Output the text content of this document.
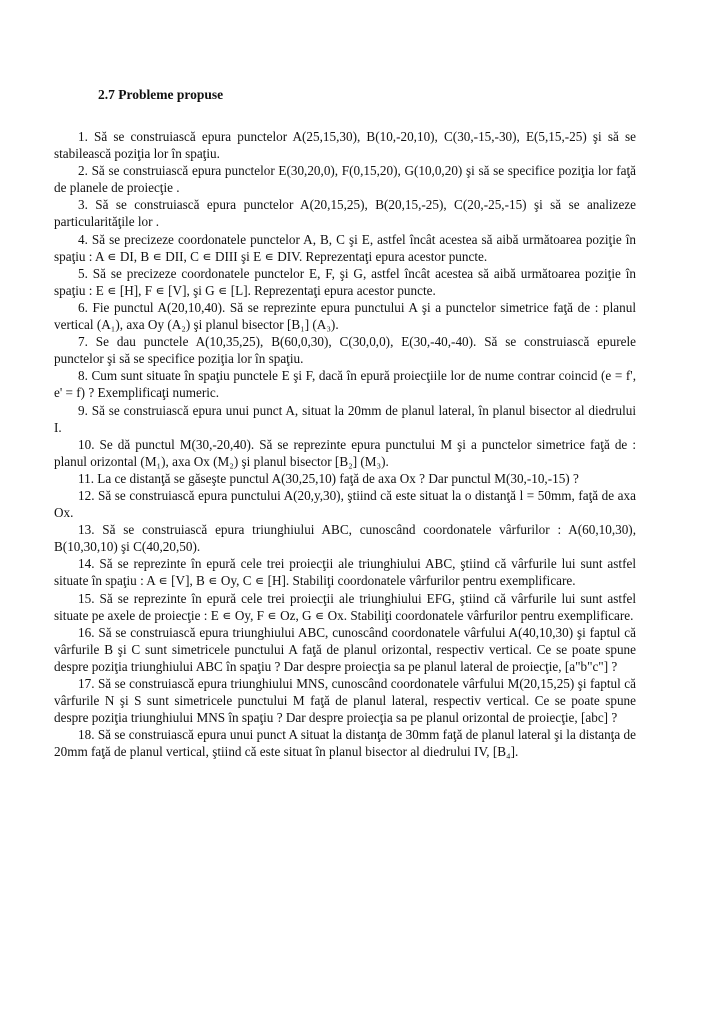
2.7 Probleme propuse

1. Să se construiască epura punctelor A(25,15,30), B(10,-20,10), C(30,-15,-30), E(5,15,-25) şi să se stabilească poziţia lor în spaţiu.

2. Să se construiască epura punctelor E(30,20,0), F(0,15,20), G(10,0,20) şi să se specifice poziţia lor faţă de planele de proiecţie .

3. Să se construiască epura punctelor A(20,15,25), B(20,15,-25), C(20,-25,-15) şi să se analizeze particularităţile lor .

4. Să se precizeze coordonatele punctelor A, B, C şi E, astfel încât acestea să aibă următoarea poziţie în spaţiu : A ∊ DI, B ∊ DII, C ∊ DIII şi E ∊ DIV. Reprezentaţi epura acestor puncte.

5. Să se precizeze coordonatele punctelor E, F, şi G, astfel încât acestea să aibă următoarea poziţie în spaţiu : E ∊ [H], F ∊ [V], şi G ∊ [L]. Reprezentaţi epura acestor puncte.

6. Fie punctul A(20,10,40). Să se reprezinte epura punctului A şi a punctelor simetrice faţă de : planul vertical (A₁), axa Oy (A₂) şi planul bisector [B₁] (A₃).

7. Se dau punctele A(10,35,25), B(60,0,30), C(30,0,0), E(30,-40,-40). Să se construiască epurele punctelor şi să se specifice poziţia lor în spaţiu.

8. Cum sunt situate în spaţiu punctele E şi F, dacă în epură proiecţiile lor de nume contrar coincid (e = f', e' = f) ? Exemplificaţi numeric.

9. Să se construiască epura unui punct A, situat la 20mm de planul lateral, în planul bisector al diedrului I.

10. Se dă punctul M(30,-20,40). Să se reprezinte epura punctului M şi a punctelor simetrice faţă de : planul orizontal (M₁), axa Ox (M₂) şi planul bisector [B₂] (M₃).

11. La ce distanţă se găseşte punctul A(30,25,10) faţă de axa Ox ? Dar punctul M(30,-10,-15) ?

12. Să se construiască epura punctului A(20,y,30), ştiind că este situat la o distanţă l = 50mm, faţă de axa Ox.

13. Să se construiască epura triunghiului ABC, cunoscând coordonatele vârfurilor : A(60,10,30), B(10,30,10) şi C(40,20,50).

14. Să se reprezinte în epură cele trei proiecţii ale triunghiului ABC, ştiind că vârfurile lui sunt astfel situate în spaţiu : A ∊ [V], B ∊ Oy, C ∊ [H]. Stabiliţi coordonatele vârfurilor pentru exemplificare.

15. Să se reprezinte în epură cele trei proiecţii ale triunghiului EFG, ştiind că vârfurile lui sunt astfel situate pe axele de proiecţie : E ∊ Oy, F ∊ Oz, G ∊ Ox. Stabiliţi coordonatele vârfurilor pentru exemplificare.

16. Să se construiască epura triunghiului ABC, cunoscând coordonatele vârfului A(40,10,30) şi faptul că vârfurile B şi C sunt simetricele punctului A faţă de planul orizontal, respectiv vertical. Ce se poate spune despre poziţia triunghiului ABC în spaţiu ? Dar despre proiecţia sa pe planul lateral de proiecţie, [a"b"c"] ?

17. Să se construiască epura triunghiului MNS, cunoscând coordonatele vârfului M(20,15,25) şi faptul că vârfurile N şi S sunt simetricele punctului M faţă de planul lateral, respectiv vertical. Ce se poate spune despre poziţia triunghiului MNS în spaţiu ? Dar despre proiecţia sa pe planul orizontal de proiecţie, [abc] ?

18. Să se construiască epura unui punct A situat la distanţa de 30mm faţă de planul lateral şi la distanţa de 20mm faţă de planul vertical, ştiind că este situat în planul bisector al diedrului IV, [B₄].
